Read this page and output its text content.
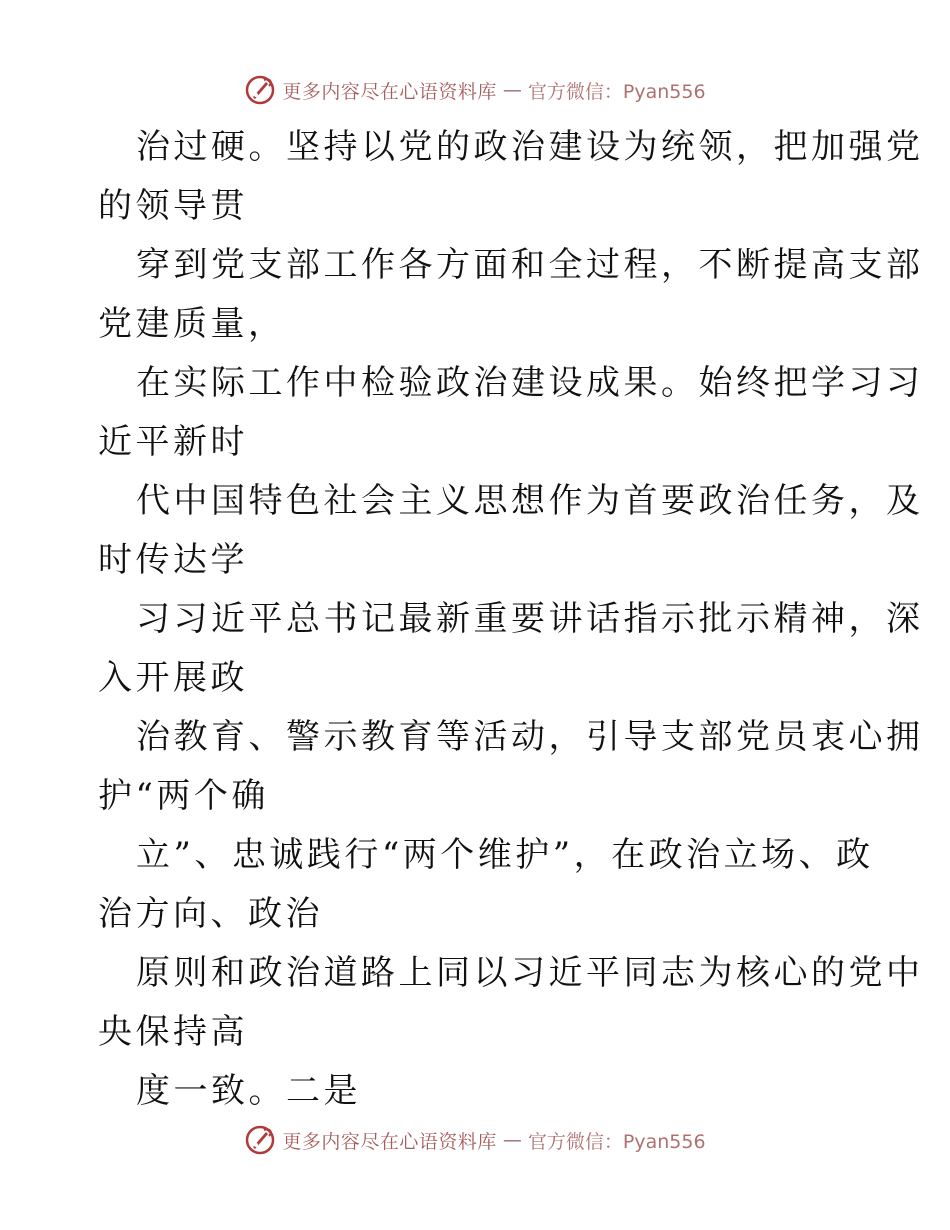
更多内容尽在心语资料库 — 官方微信：Pyan556

治过硬。坚持以党的政治建设为统领，把加强党
的领导贯

穿到党支部工作各方面和全过程，不断提高支部
党建质量，

在实际工作中检验政治建设成果。始终把学习习
近平新时

代中国特色社会主义思想作为首要政治任务，及
时传达学

习习近平总书记最新重要讲话指示批示精神，深
入开展政

治教育、警示教育等活动，引导支部党员衷心拥
护“两个确

立”、忠诚践行“两个维护”，在政治立场、政
治方向、政治

原则和政治道路上同以习近平同志为核心的党中
央保持高

度一致。二是

更多内容尽在心语资料库 — 官方微信：Pyan556
